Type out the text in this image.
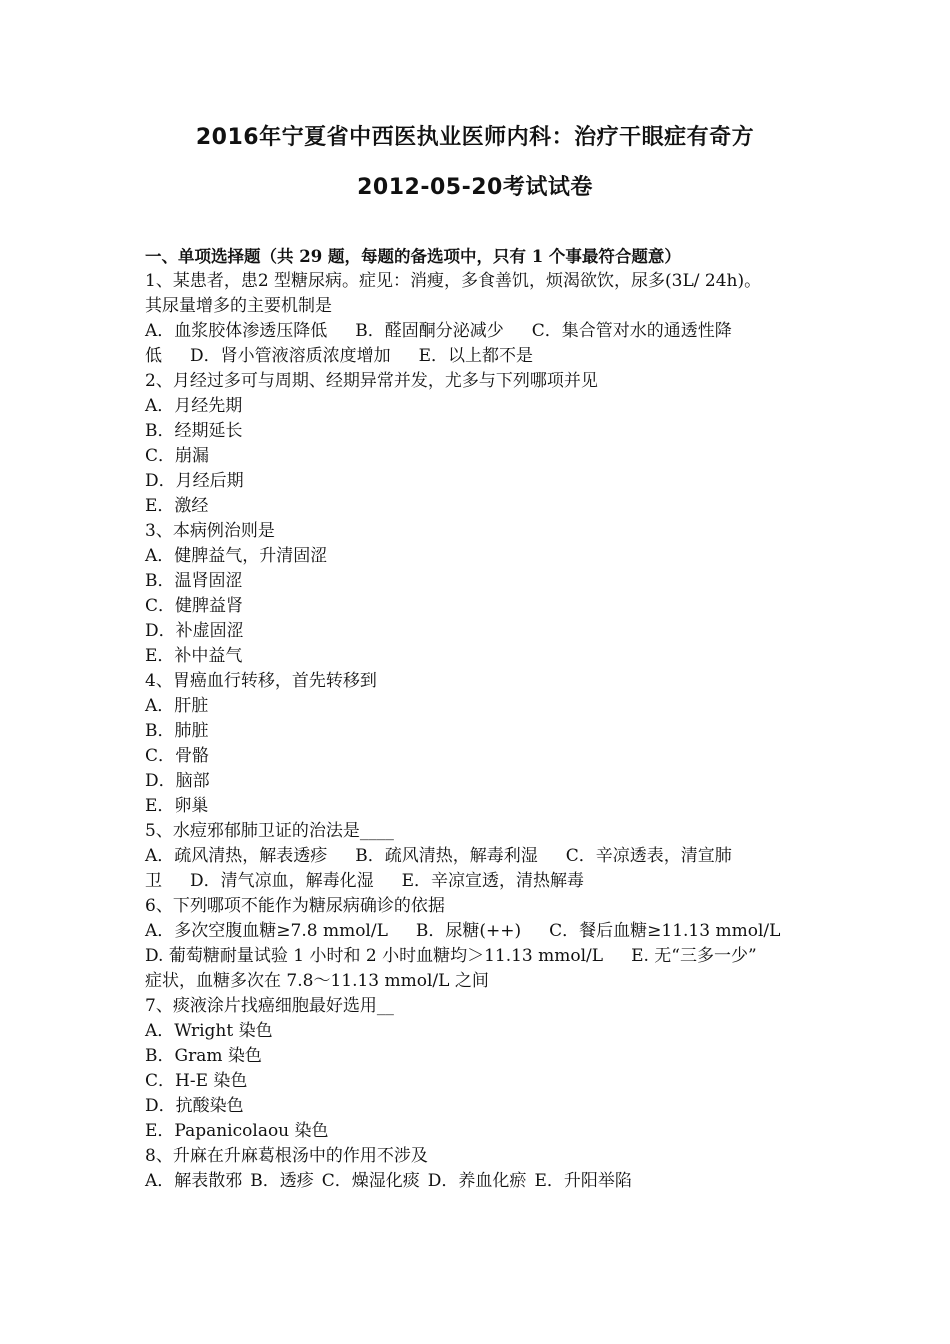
2016年宁夏省中西医执业医师内科：治疗干眼症有奇方
2012-05-20考试试卷
一、单项选择题（共 29 题，每题的备选项中，只有 1 个事最符合题意）
1、某患者，患2 型糖尿病。症见：消瘦，多食善饥，烦渴欲饮，尿多(3L/ 24h)。
其尿量增多的主要机制是
A．血浆胶体渗透压降低 B．醛固酮分泌减少 C．集合管对水的通透性降
低 D．肾小管液溶质浓度增加 E．以上都不是
2、月经过多可与周期、经期异常并发，尤多与下列哪项并见
A．月经先期
B．经期延长
C．崩漏
D．月经后期
E．激经
3、本病例治则是
A．健脾益气，升清固涩
B．温肾固涩
C．健脾益肾
D．补虚固涩
E．补中益气
4、胃癌血行转移，首先转移到
A．肝脏
B．肺脏
C．骨骼
D．脑部
E．卵巢
5、水痘邪郁肺卫证的治法是____
A．疏风清热，解表透疹 B．疏风清热，解毒利湿 C．辛凉透表，清宣肺
卫 D．清气凉血，解毒化湿 E．辛凉宣透，清热解毒
6、下列哪项不能作为糖尿病确诊的依据
A．多次空腹血糖≥7.8 mmol/L B．尿糖(++) C．餐后血糖≥11.13 mmol/L
D. 葡萄糖耐量试验 1 小时和 2 小时血糖均＞11.13 mmol/L E. 无“三多一少”
症状，血糖多次在 7.8～11.13 mmol/L 之间
7、痰液涂片找癌细胞最好选用__
A．Wright 染色
B．Gram 染色
C．H-E 染色
D．抗酸染色
E．Papanicolaou 染色
8、升麻在升麻葛根汤中的作用不涉及
A．解表散邪 B．透疹 C．燥湿化痰 D．养血化瘀 E．升阳举陷
